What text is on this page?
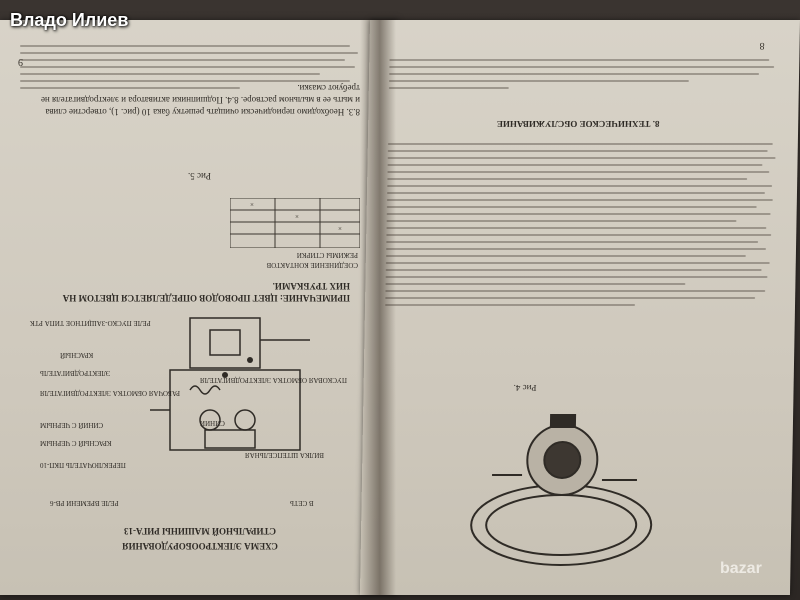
8.3. Необходимо периодически очищать решетку бака 10 (рис. 1), отверстие слива и мыть ее в мыльном растворе. 8.4. Подшипники активатора и электродвигателя не требуют смазки.
9
Рис 5.
×
×
×
РЕЖИМЫ СТИРКИ
СОЕДИНЕНИЕ КОНТАКТОВ
ПРИМЕЧАНИЕ: ЦВЕТ ПРОВОДОВ ОПРЕДЕЛЯЕТСЯ ЦВЕТОМ НА НИХ ТРУБКАМИ.
РЕЛЕ ПУСКО-ЗАЩИТНОЕ ТИПА РТК
КРАСНЫЙ
ЭЛЕКТРОДВИГАТЕЛЬ
РАБОЧАЯ ОБМОТКА ЭЛЕКТРОДВИГАТЕЛЯ
СИНИЙ С ЧЕРНЫМ
КРАСНЫЙ С ЧЕРНЫМ
ПЕРЕКЛЮЧАТЕЛЬ ПКП-10
ПУСКОВАЯ ОБМОТКА ЭЛЕКТРОДВИГАТЕЛЯ
СИНИЙ
ВИЛКА ШТЕПСЕЛЬНАЯ
РЕЛЕ ВРЕМЕНИ РВ-6	В СЕТЬ
СТИРАЛЬНОЙ МАШИНЫ РИГА-13
СХЕМА ЭЛЕКТРООБОРУДОВАНИЯ
8
8. ТЕХНИЧЕСКОЕ ОБСЛУЖИВАНИЕ
Рис 4.
Владо Илиев
bazar
